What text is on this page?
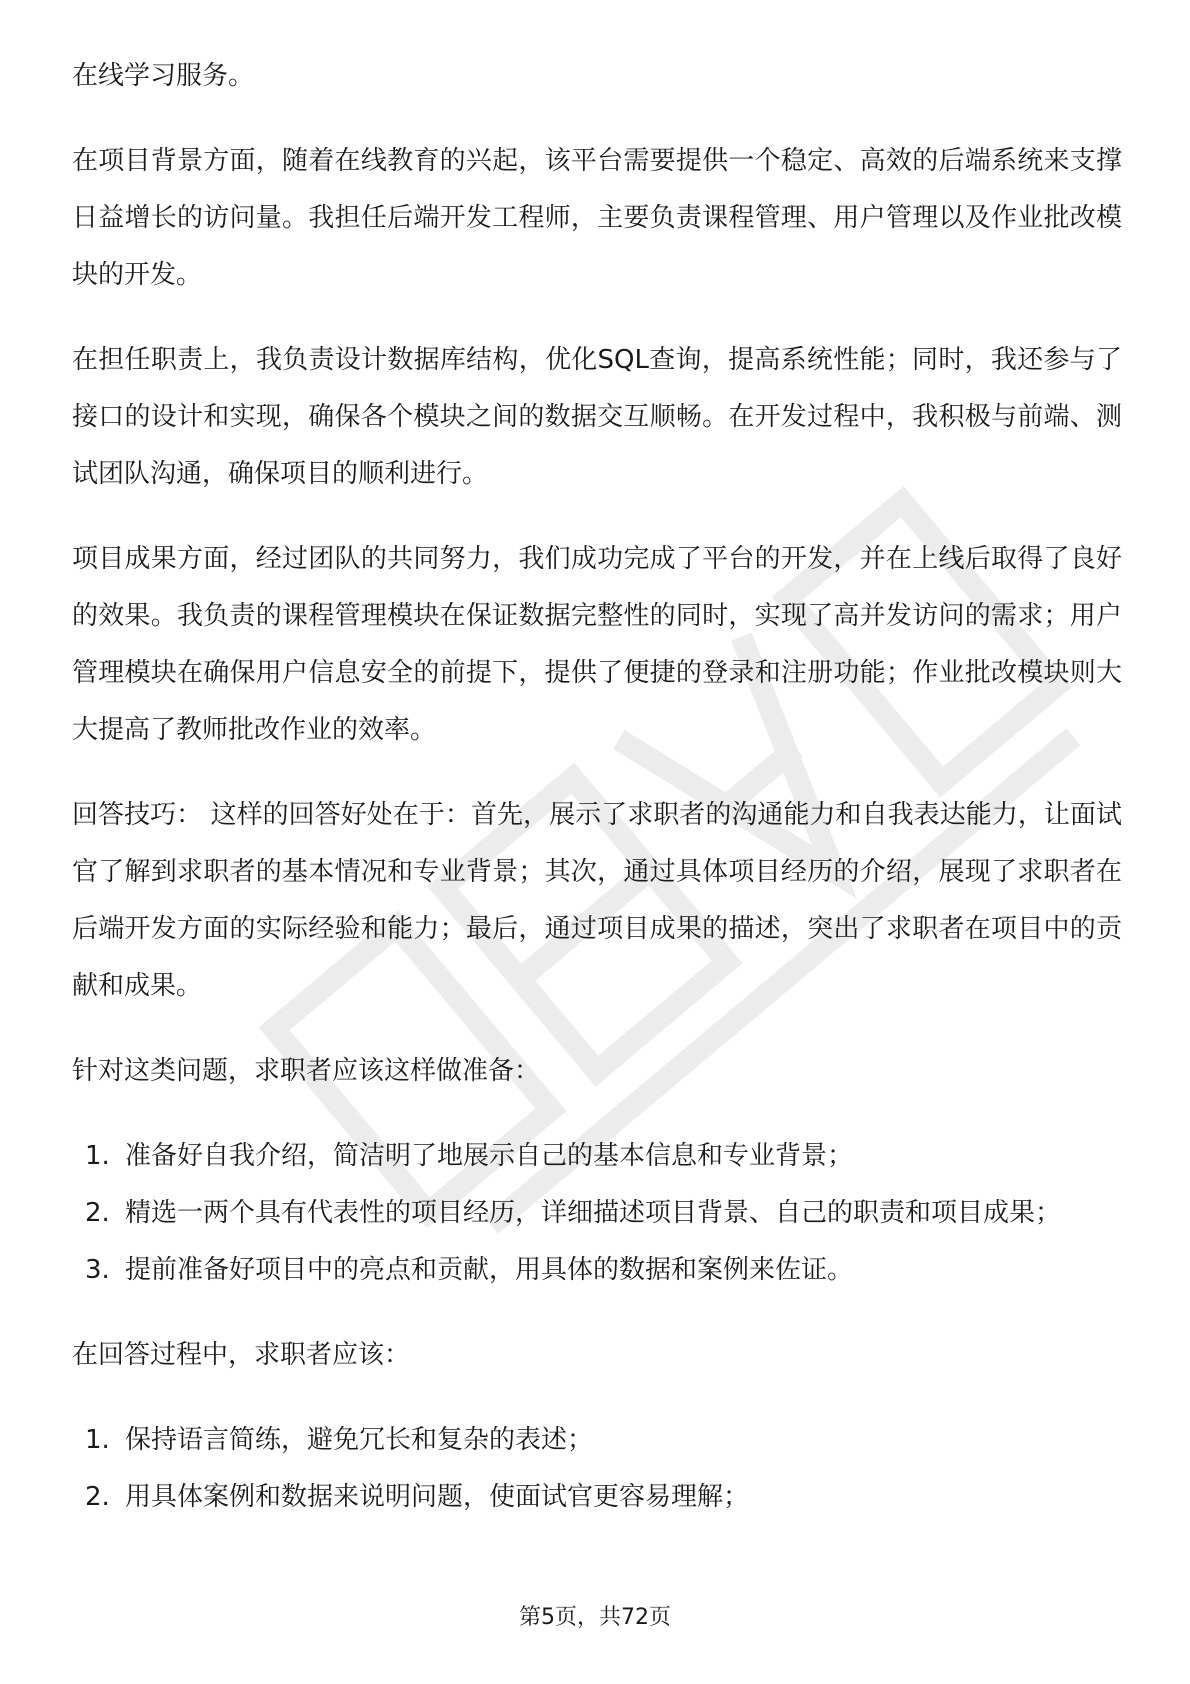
在线学习服务。

在项目背景方面，随着在线教育的兴起，该平台需要提供一个稳定、高效的后端系统来支撑日益增长的访问量。我担任后端开发工程师，主要负责课程管理、用户管理以及作业批改模块的开发。

在担任职责上，我负责设计数据库结构，优化SQL查询，提高系统性能；同时，我还参与了接口的设计和实现，确保各个模块之间的数据交互顺畅。在开发过程中，我积极与前端、测试团队沟通，确保项目的顺利进行。

项目成果方面，经过团队的共同努力，我们成功完成了平台的开发，并在上线后取得了良好的效果。我负责的课程管理模块在保证数据完整性的同时，实现了高并发访问的需求；用户管理模块在确保用户信息安全的前提下，提供了便捷的登录和注册功能；作业批改模块则大大提高了教师批改作业的效率。

回答技巧： 这样的回答好处在于：首先，展示了求职者的沟通能力和自我表达能力，让面试官了解到求职者的基本情况和专业背景；其次，通过具体项目经历的介绍，展现了求职者在后端开发方面的实际经验和能力；最后，通过项目成果的描述，突出了求职者在项目中的贡献和成果。

针对这类问题，求职者应该这样做准备：

1. 准备好自我介绍，简洁明了地展示自己的基本信息和专业背景；
2. 精选一两个具有代表性的项目经历，详细描述项目背景、自己的职责和项目成果；
3. 提前准备好项目中的亮点和贡献，用具体的数据和案例来佐证。

在回答过程中，求职者应该：

1. 保持语言简练，避免冗长和复杂的表述；
2. 用具体案例和数据来说明问题，使面试官更容易理解；
第5页，共72页
